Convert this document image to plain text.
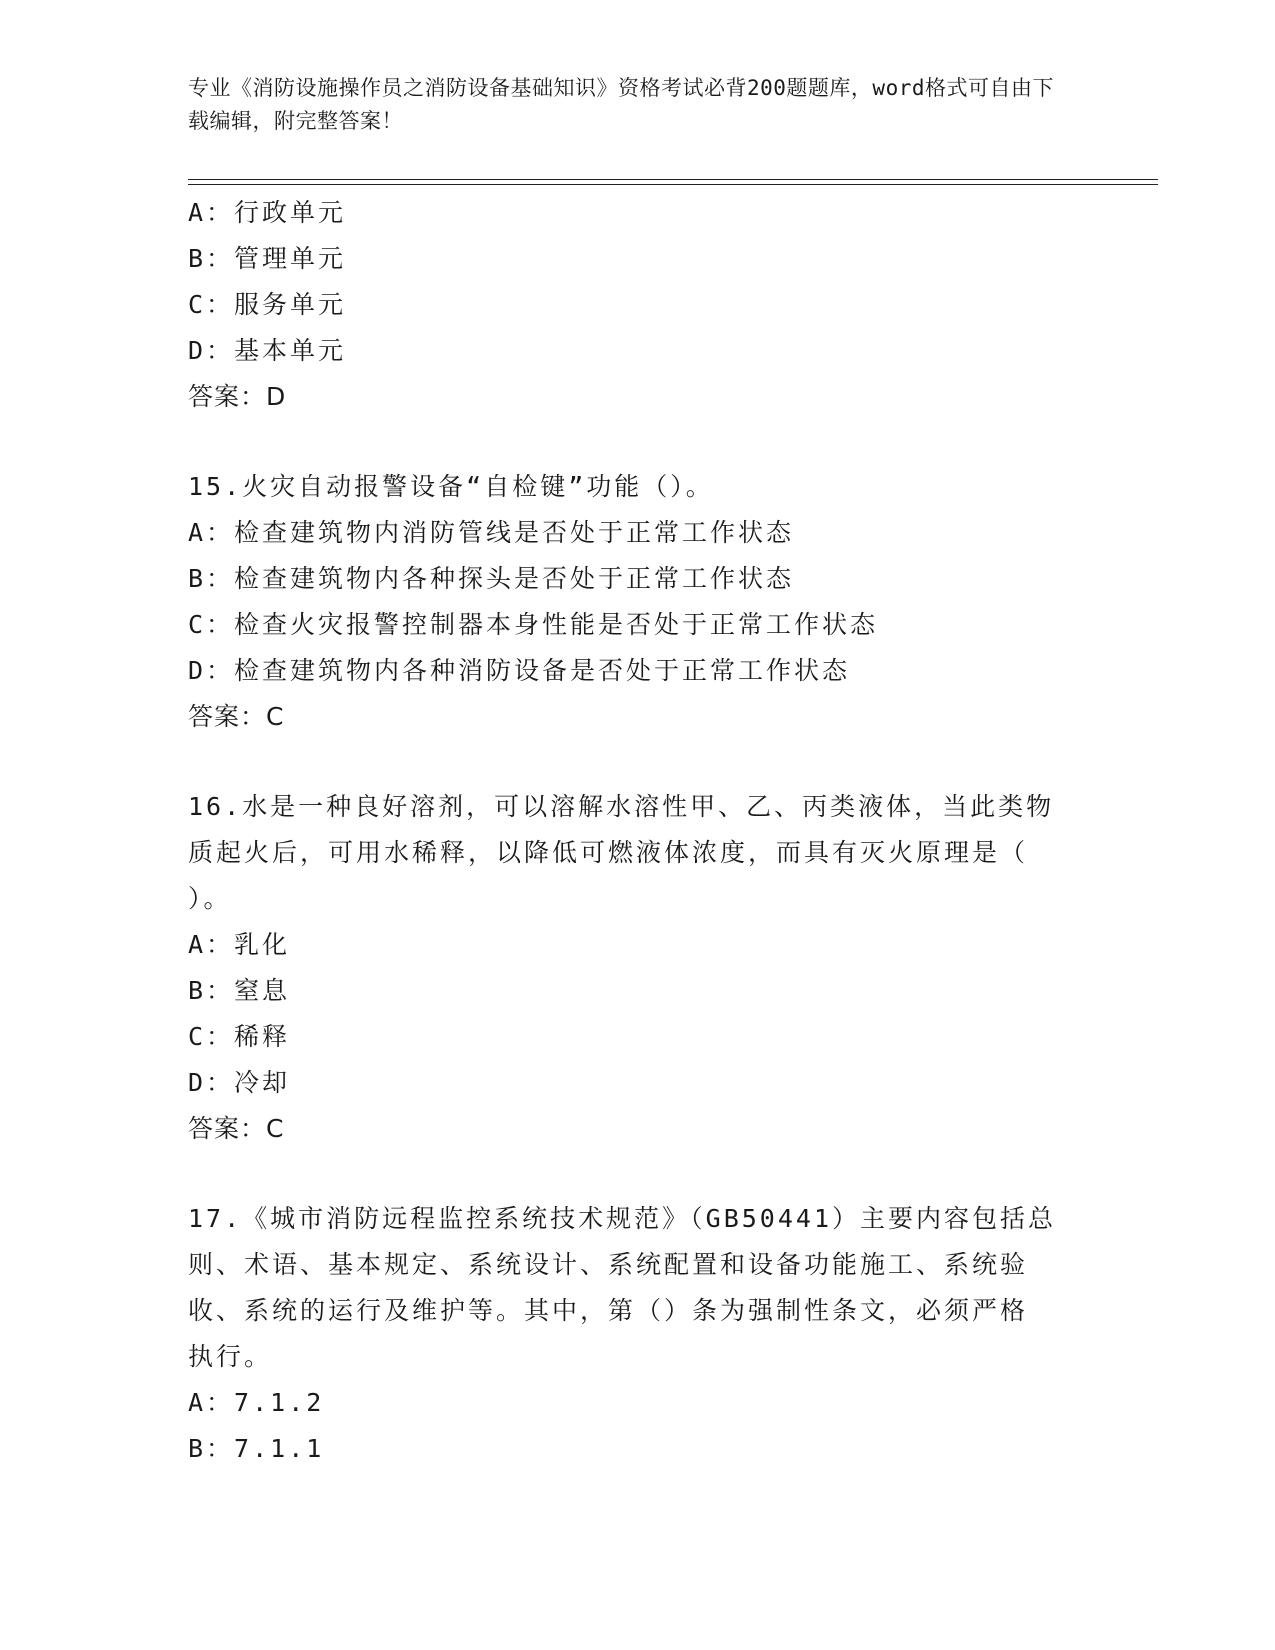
专业《消防设施操作员之消防设备基础知识》资格考试必背200题题库，word格式可自由下载编辑，附完整答案！
A：行政单元
B：管理单元
C：服务单元
D：基本单元
答案：D
15.火灾自动报警设备“自检键”功能（）。
A：检查建筑物内消防管线是否处于正常工作状态
B：检查建筑物内各种探头是否处于正常工作状态
C：检查火灾报警控制器本身性能是否处于正常工作状态
D：检查建筑物内各种消防设备是否处于正常工作状态
答案：C
16.水是一种良好溶剂，可以溶解水溶性甲、乙、丙类液体，当此类物
质起火后，可用水稀释，以降低可燃液体浓度，而具有灭火原理是（
）。
A：乳化
B：窒息
C：稀释
D：冷却
答案：C
17.《城市消防远程监控系统技术规范》（GB50441）主要内容包括总
则、术语、基本规定、系统设计、系统配置和设备功能施工、系统验
收、系统的运行及维护等。其中，第（）条为强制性条文，必须严格
执行。
A：7.1.2
B：7.1.1
